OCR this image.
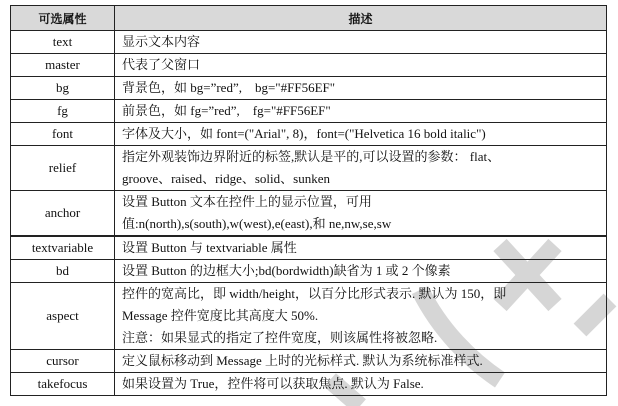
可选属性	描述
text	显示文本内容

master	代表了父窗口

bg	背景色，如 bg=”red”,　bg="#FF56EF"

fg	前景色，如 fg=”red”,　fg="#FF56EF"

font	字体及大小，如 font=("Arial", 8)，font=("Helvetica 16 bold italic")

relief	指定外观装饰边界附近的标签,默认是平的,可以设置的参数： flat、
groove、raised、ridge、solid、sunken

anchor	设置 Button 文本在控件上的显示位置，可用
值:n(north),s(south),w(west),e(east),和 ne,nw,se,sw

textvariable	设置 Button 与 textvariable 属性

bd	设置 Button 的边框大小;bd(bordwidth)缺省为 1 或 2 个像素

aspect	控件的宽高比，即 width/height，以百分比形式表示. 默认为 150，即
Message 控件宽度比其高度大 50%.
注意：如果显式的指定了控件宽度，则该属性将被忽略.

cursor	定义鼠标移动到 Message 上时的光标样式. 默认为系统标准样式.

takefocus	如果设置为 True，控件将可以获取焦点. 默认为 False.
